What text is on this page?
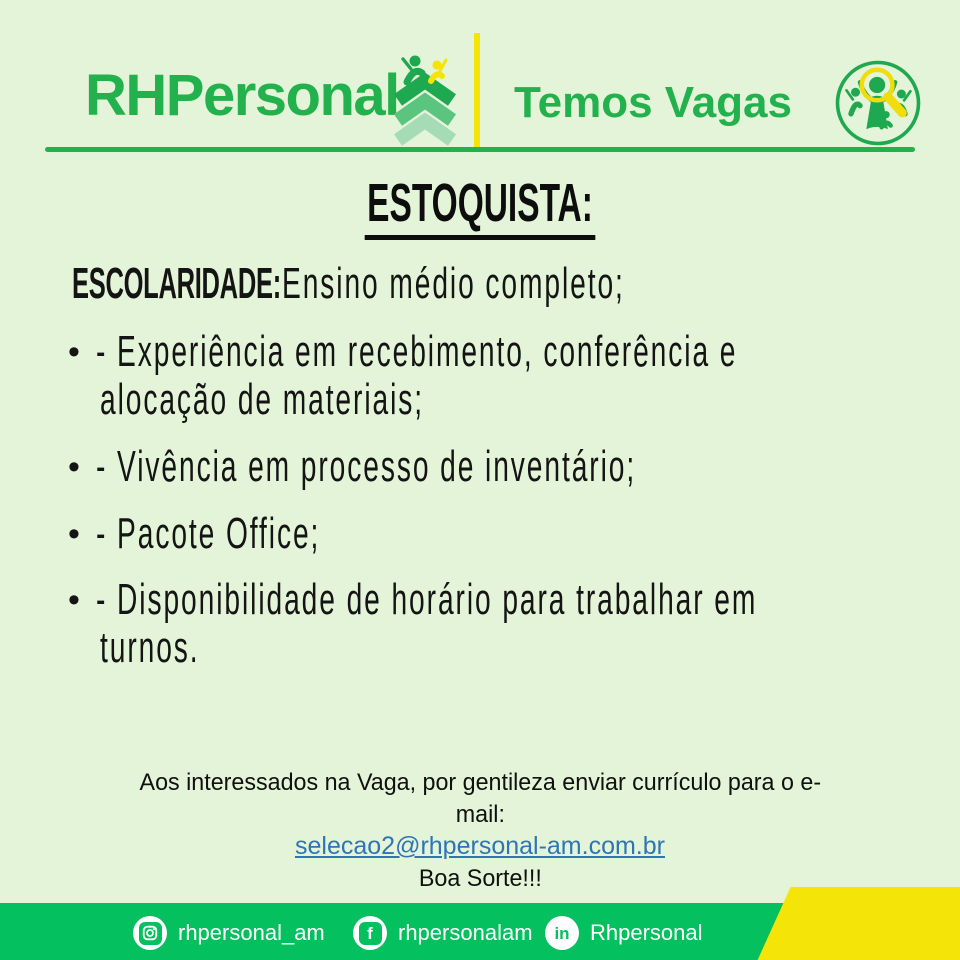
RHPersonal	Temos Vagas
ESTOQUISTA:
ESCOLARIDADE: Ensino médio completo;
• - Experiência em recebimento, conferência e
alocação de materiais;
• - Vivência em processo de inventário;
• - Pacote Office;
• - Disponibilidade de horário para trabalhar em
turnos.
Aos interessados na Vaga, por gentileza enviar currículo para o e-
mail:
selecao2@rhpersonal-am.com.br
Boa Sorte!!!
rhpersonal_am f rhpersonalam in Rhpersonal
